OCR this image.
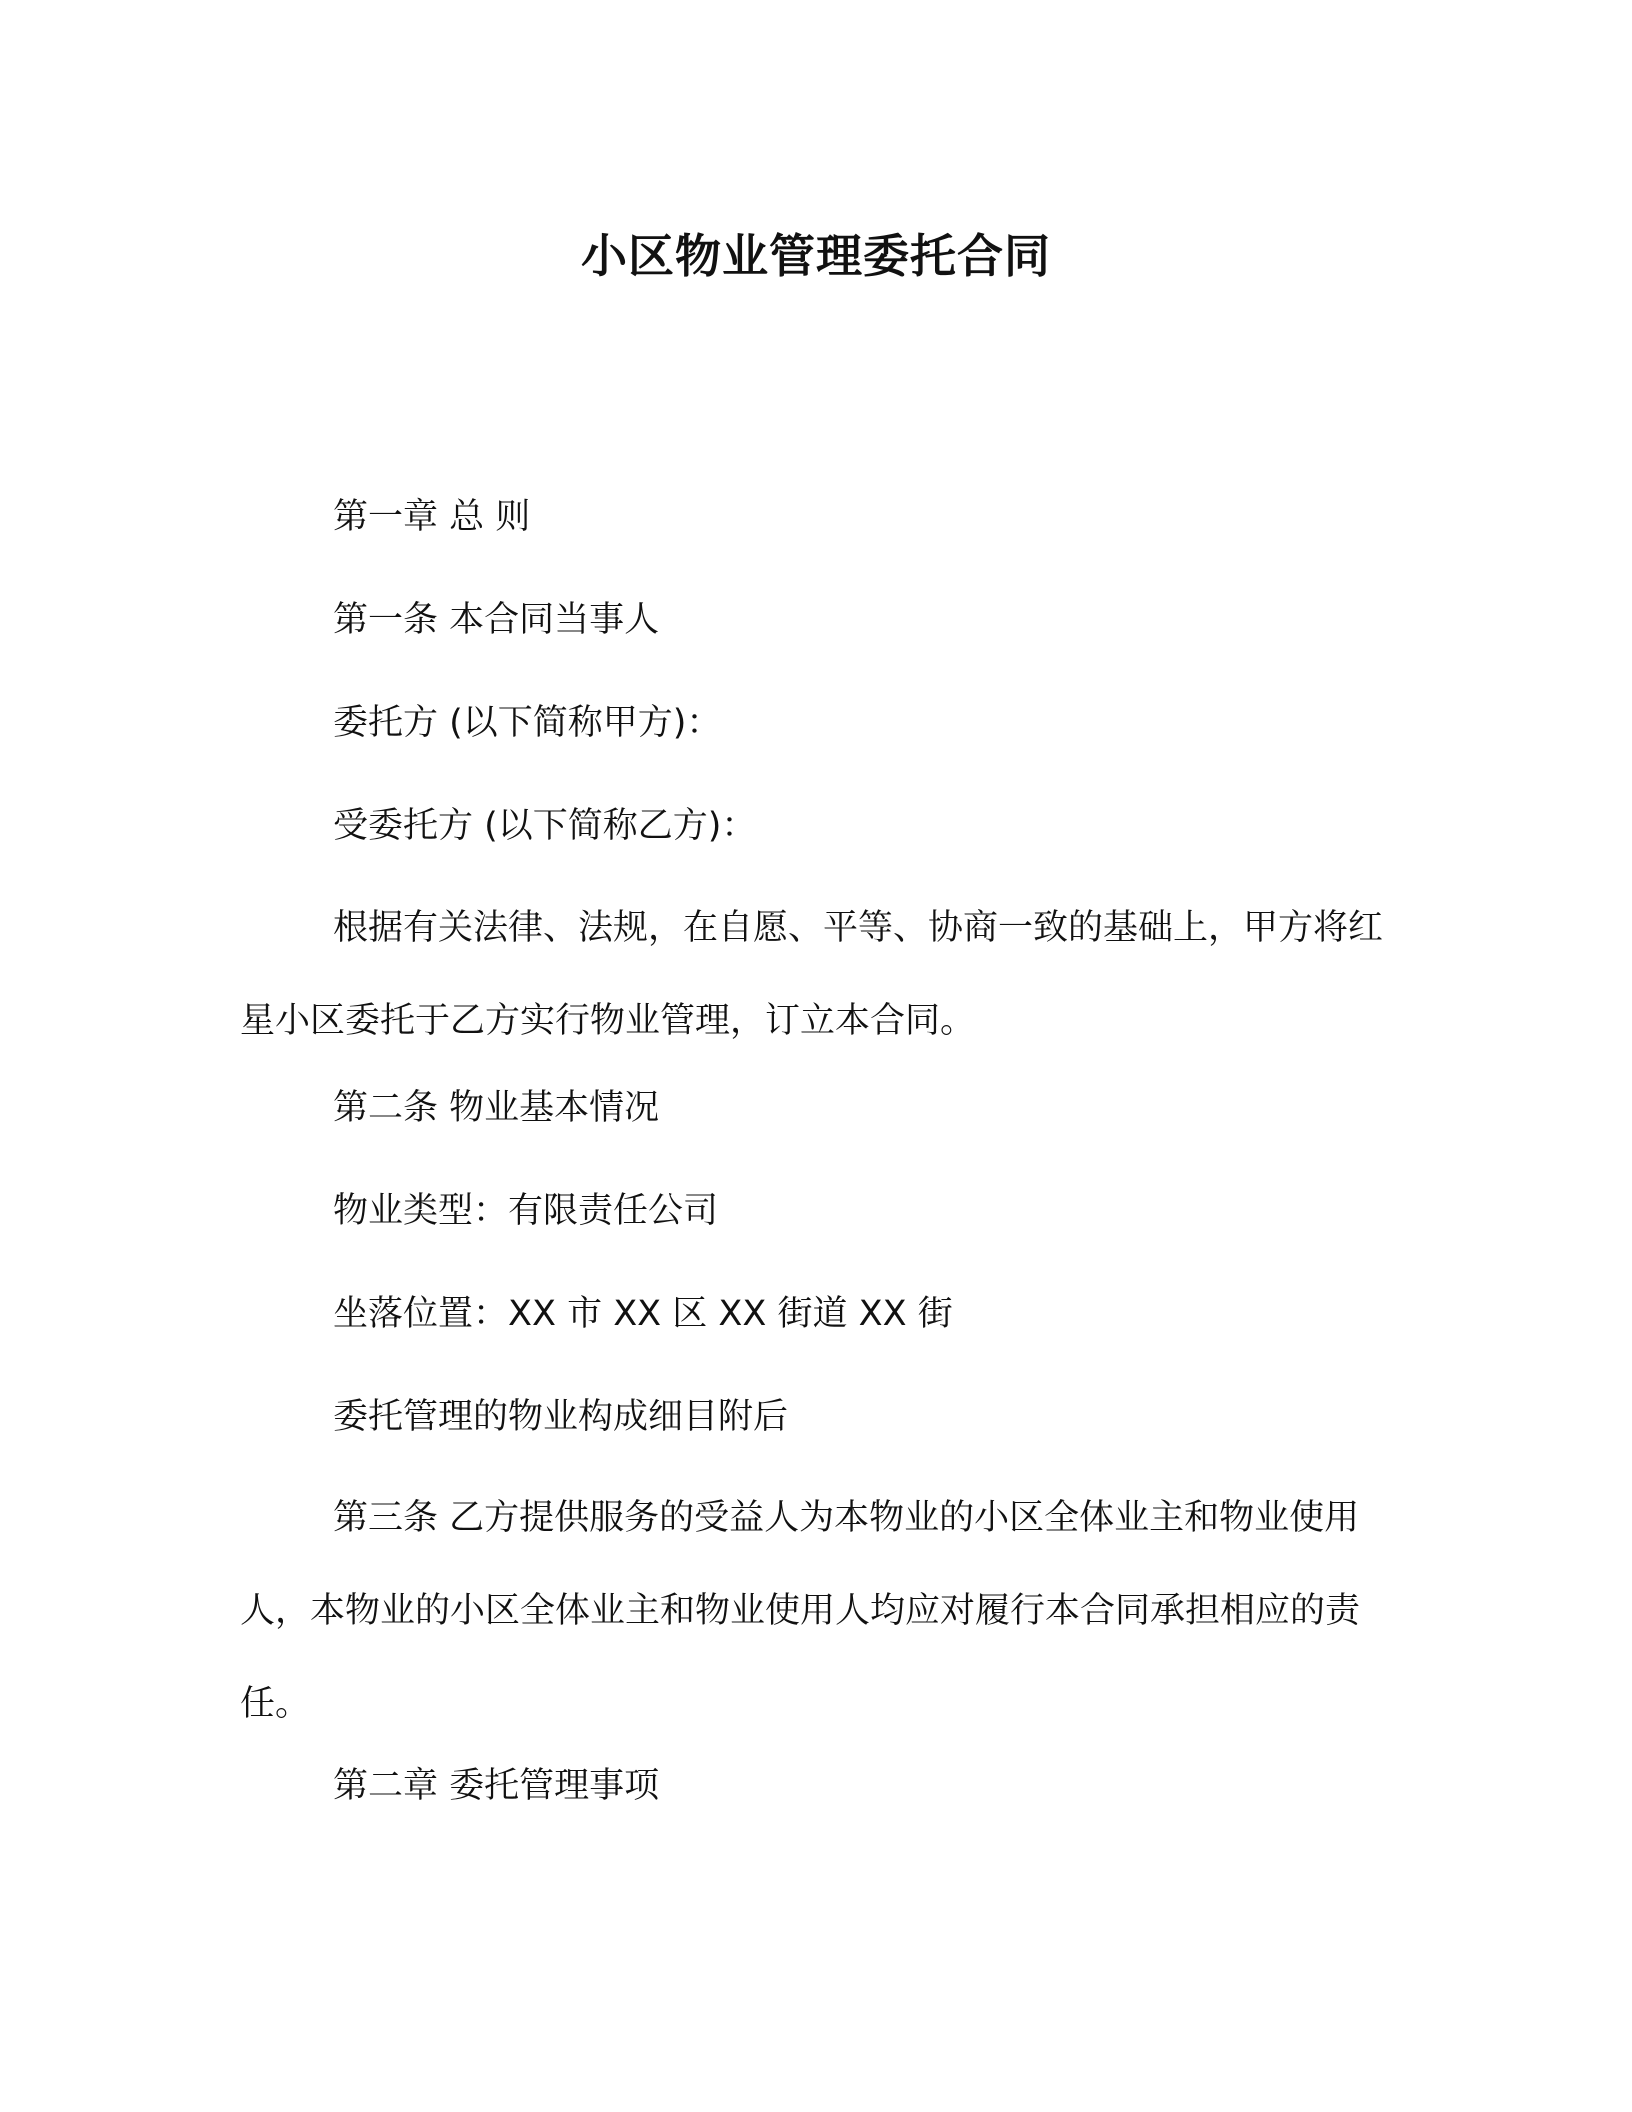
小区物业管理委托合同
第一章 总 则
第一条 本合同当事人
委托方 (以下简称甲方)：
受委托方 (以下简称乙方)：
根据有关法律、法规，在自愿、平等、协商一致的基础上，甲方将红星小区委托于乙方实行物业管理，订立本合同。
第二条 物业基本情况
物业类型：有限责任公司
坐落位置：XX 市 XX 区 XX 街道 XX 街
委托管理的物业构成细目附后
第三条 乙方提供服务的受益人为本物业的小区全体业主和物业使用人，本物业的小区全体业主和物业使用人均应对履行本合同承担相应的责任。
第二章 委托管理事项
